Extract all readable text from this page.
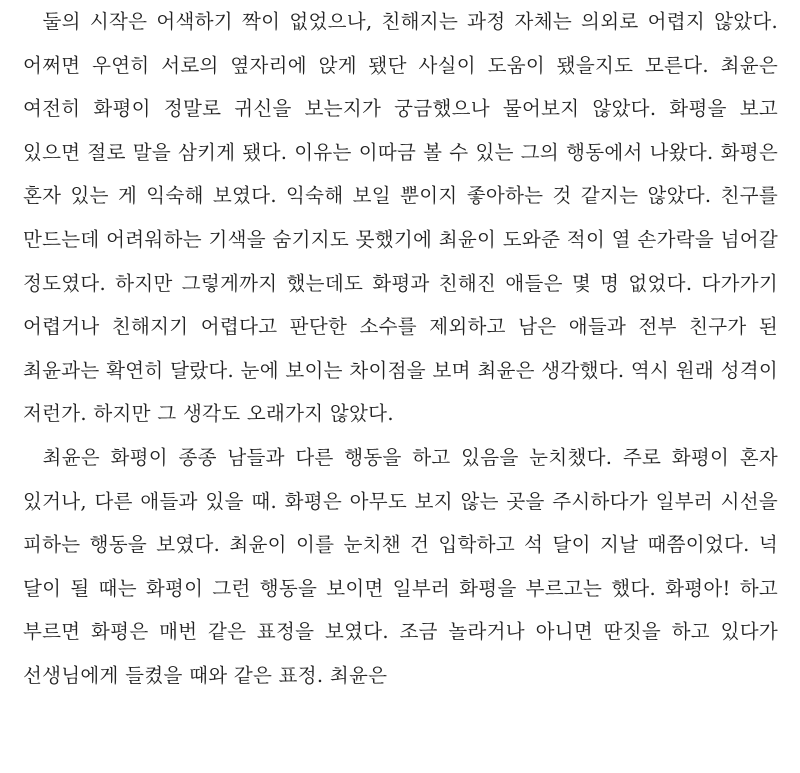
둘의 시작은 어색하기 짝이 없었으나, 친해지는 과정 자체는 의외로 어렵지 않았다. 어쩌면 우연히 서로의 옆자리에 앉게 됐단 사실이 도움이 됐을지도 모른다. 최윤은 여전히 화평이 정말로 귀신을 보는지가 궁금했으나 물어보지 않았다. 화평을 보고 있으면 절로 말을 삼키게 됐다. 이유는 이따금 볼 수 있는 그의 행동에서 나왔다. 화평은 혼자 있는 게 익숙해 보였다. 익숙해 보일 뿐이지 좋아하는 것 같지는 않았다. 친구를 만드는데 어려워하는 기색을 숨기지도 못했기에 최윤이 도와준 적이 열 손가락을 넘어갈 정도였다. 하지만 그렇게까지 했는데도 화평과 친해진 애들은 몇 명 없었다. 다가가기 어렵거나 친해지기 어렵다고 판단한 소수를 제외하고 남은 애들과 전부 친구가 된 최윤과는 확연히 달랐다. 눈에 보이는 차이점을 보며 최윤은 생각했다. 역시 원래 성격이 저런가. 하지만 그 생각도 오래가지 않았다.

최윤은 화평이 종종 남들과 다른 행동을 하고 있음을 눈치챘다. 주로 화평이 혼자 있거나, 다른 애들과 있을 때. 화평은 아무도 보지 않는 곳을 주시하다가 일부러 시선을 피하는 행동을 보였다. 최윤이 이를 눈치챈 건 입학하고 석 달이 지날 때쯤이었다. 넉 달이 될 때는 화평이 그런 행동을 보이면 일부러 화평을 부르고는 했다. 화평아! 하고 부르면 화평은 매번 같은 표정을 보였다. 조금 놀라거나 아니면 딴짓을 하고 있다가 선생님에게 들켰을 때와 같은 표정. 최윤은
